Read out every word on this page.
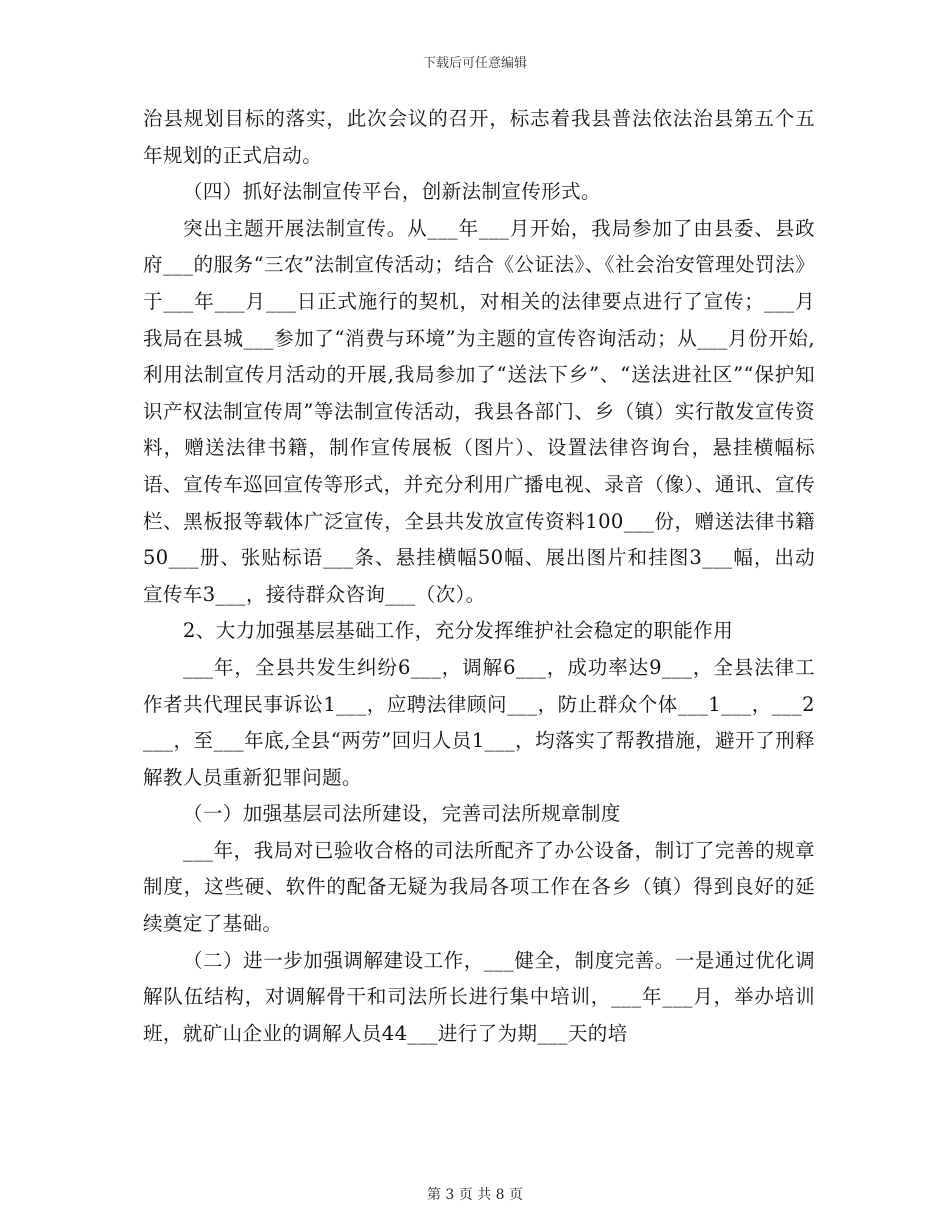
下载后可任意编辑

治县规划目标的落实，此次会议的召开，标志着我县普法依法治县第五个五年规划的正式启动。

（四）抓好法制宣传平台，创新法制宣传形式。

突出主题开展法制宣传。从___年___月开始，我局参加了由县委、县政府___的服务“三农”法制宣传活动；结合《公证法》、《社会治安管理处罚法》于___年___月___日正式施行的契机，对相关的法律要点进行了宣传；___月我局在县城___参加了“消费与环境”为主题的宣传咨询活动；从___月份开始,利用法制宣传月活动的开展,我局参加了“送法下乡”、“送法进社区”“保护知识产权法制宣传周”等法制宣传活动，我县各部门、乡（镇）实行散发宣传资料，赠送法律书籍，制作宣传展板（图片）、设置法律咨询台，悬挂横幅标语、宣传车巡回宣传等形式，并充分利用广播电视、录音（像）、通讯、宣传栏、黑板报等载体广泛宣传，全县共发放宣传资料100___份，赠送法律书籍50___册、张贴标语___条、悬挂横幅50幅、展出图片和挂图3___幅，出动宣传车3___，接待群众咨询___（次）。

2、大力加强基层基础工作，充分发挥维护社会稳定的职能作用

___年，全县共发生纠纷6___，调解6___，成功率达9___，全县法律工作者共代理民事诉讼1___，应聘法律顾问___，防止群众个体___1___，___2___，至___年底,全县“两劳”回归人员1___，均落实了帮教措施，避开了刑释解教人员重新犯罪问题。

（一）加强基层司法所建设，完善司法所规章制度

___年，我局对已验收合格的司法所配齐了办公设备，制订了完善的规章制度，这些硬、软件的配备无疑为我局各项工作在各乡（镇）得到良好的延续奠定了基础。

（二）进一步加强调解建设工作，___健全，制度完善。一是通过优化调解队伍结构，对调解骨干和司法所长进行集中培训，___年___月，举办培训班，就矿山企业的调解人员44___进行了为期___天的培

第 3 页 共 8 页
